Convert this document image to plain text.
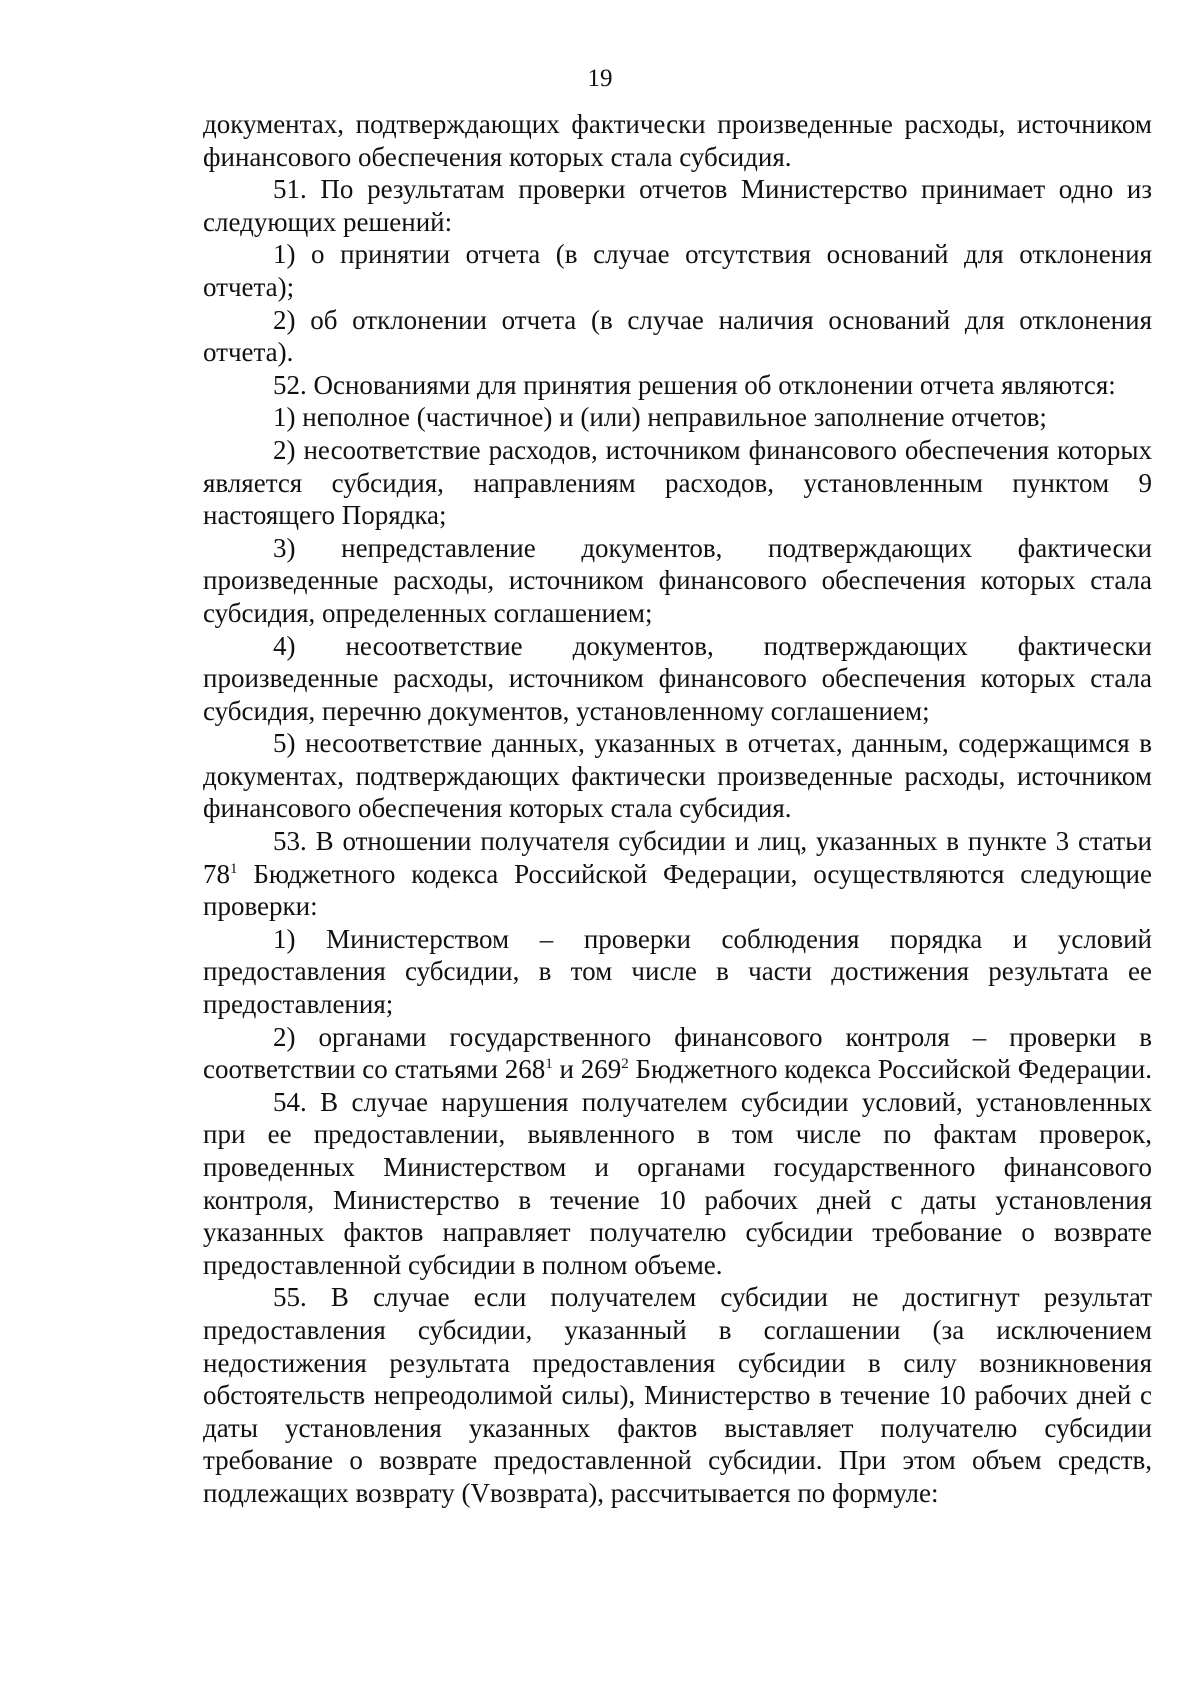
19

документах, подтверждающих фактически произведенные расходы, источником финансового обеспечения которых стала субсидия.

51. По результатам проверки отчетов Министерство принимает одно из следующих решений:

1) о принятии отчета (в случае отсутствия оснований для отклонения отчета);

2) об отклонении отчета (в случае наличия оснований для отклонения отчета).

52. Основаниями для принятия решения об отклонении отчета являются:

1) неполное (частичное) и (или) неправильное заполнение отчетов;

2) несоответствие расходов, источником финансового обеспечения которых является субсидия, направлениям расходов, установленным пунктом 9 настоящего Порядка;

3) непредставление документов, подтверждающих фактически произведенные расходы, источником финансового обеспечения которых стала субсидия, определенных соглашением;

4) несоответствие документов, подтверждающих фактически произведенные расходы, источником финансового обеспечения которых стала субсидия, перечню документов, установленному соглашением;

5) несоответствие данных, указанных в отчетах, данным, содержащимся в документах, подтверждающих фактически произведенные расходы, источником финансового обеспечения которых стала субсидия.

53. В отношении получателя субсидии и лиц, указанных в пункте 3 статьи $78^1$ Бюджетного кодекса Российской Федерации, осуществляются следующие проверки:

1) Министерством – проверки соблюдения порядка и условий предоставления субсидии, в том числе в части достижения результата ее предоставления;

2) органами государственного финансового контроля – проверки в соответствии со статьями $268^1$ и $269^2$ Бюджетного кодекса Российской Федерации.

54. В случае нарушения получателем субсидии условий, установленных при ее предоставлении, выявленного в том числе по фактам проверок, проведенных Министерством и органами государственного финансового контроля, Министерство в течение 10 рабочих дней с даты установления указанных фактов направляет получателю субсидии требование о возврате предоставленной субсидии в полном объеме.

55. В случае если получателем субсидии не достигнут результат предоставления субсидии, указанный в соглашении (за исключением недостижения результата предоставления субсидии в силу возникновения обстоятельств непреодолимой силы), Министерство в течение 10 рабочих дней с даты установления указанных фактов выставляет получателю субсидии требование о возврате предоставленной субсидии. При этом объем средств, подлежащих возврату (Vвозврата), рассчитывается по формуле:
